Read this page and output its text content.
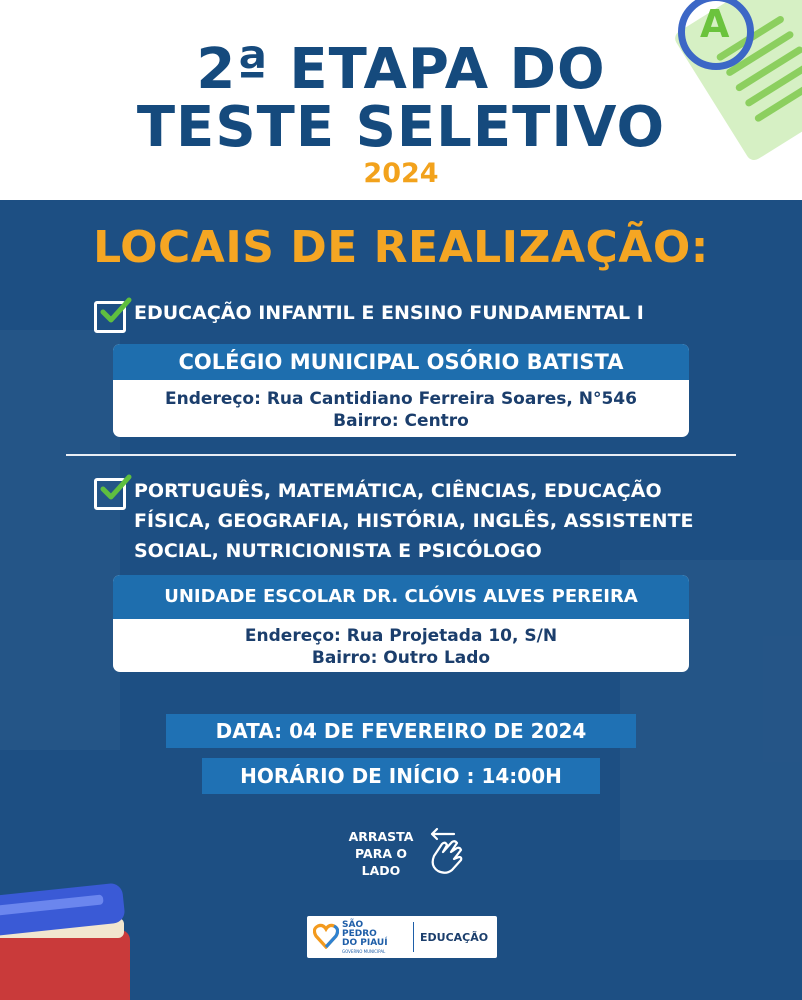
A
2ª ETAPA DO
TESTE SELETIVO
2024
LOCAIS DE REALIZAÇÃO:
EDUCAÇÃO INFANTIL E ENSINO FUNDAMENTAL I
COLÉGIO MUNICIPAL OSÓRIO BATISTA
Endereço: Rua Cantidiano Ferreira Soares, N°546
Bairro: Centro
PORTUGUÊS, MATEMÁTICA, CIÊNCIAS, EDUCAÇÃO
FÍSICA, GEOGRAFIA, HISTÓRIA, INGLÊS, ASSISTENTE
SOCIAL, NUTRICIONISTA E PSICÓLOGO
UNIDADE ESCOLAR DR. CLÓVIS ALVES PEREIRA
Endereço: Rua Projetada 10, S/N
Bairro: Outro Lado
DATA: 04 DE FEVEREIRO DE 2024
HORÁRIO DE INÍCIO : 14:00H
ARRASTA
PARA O
LADO
SÃO
PEDRO
DO PIAUÍ
GOVERNO MUNICIPAL
EDUCAÇÃO
